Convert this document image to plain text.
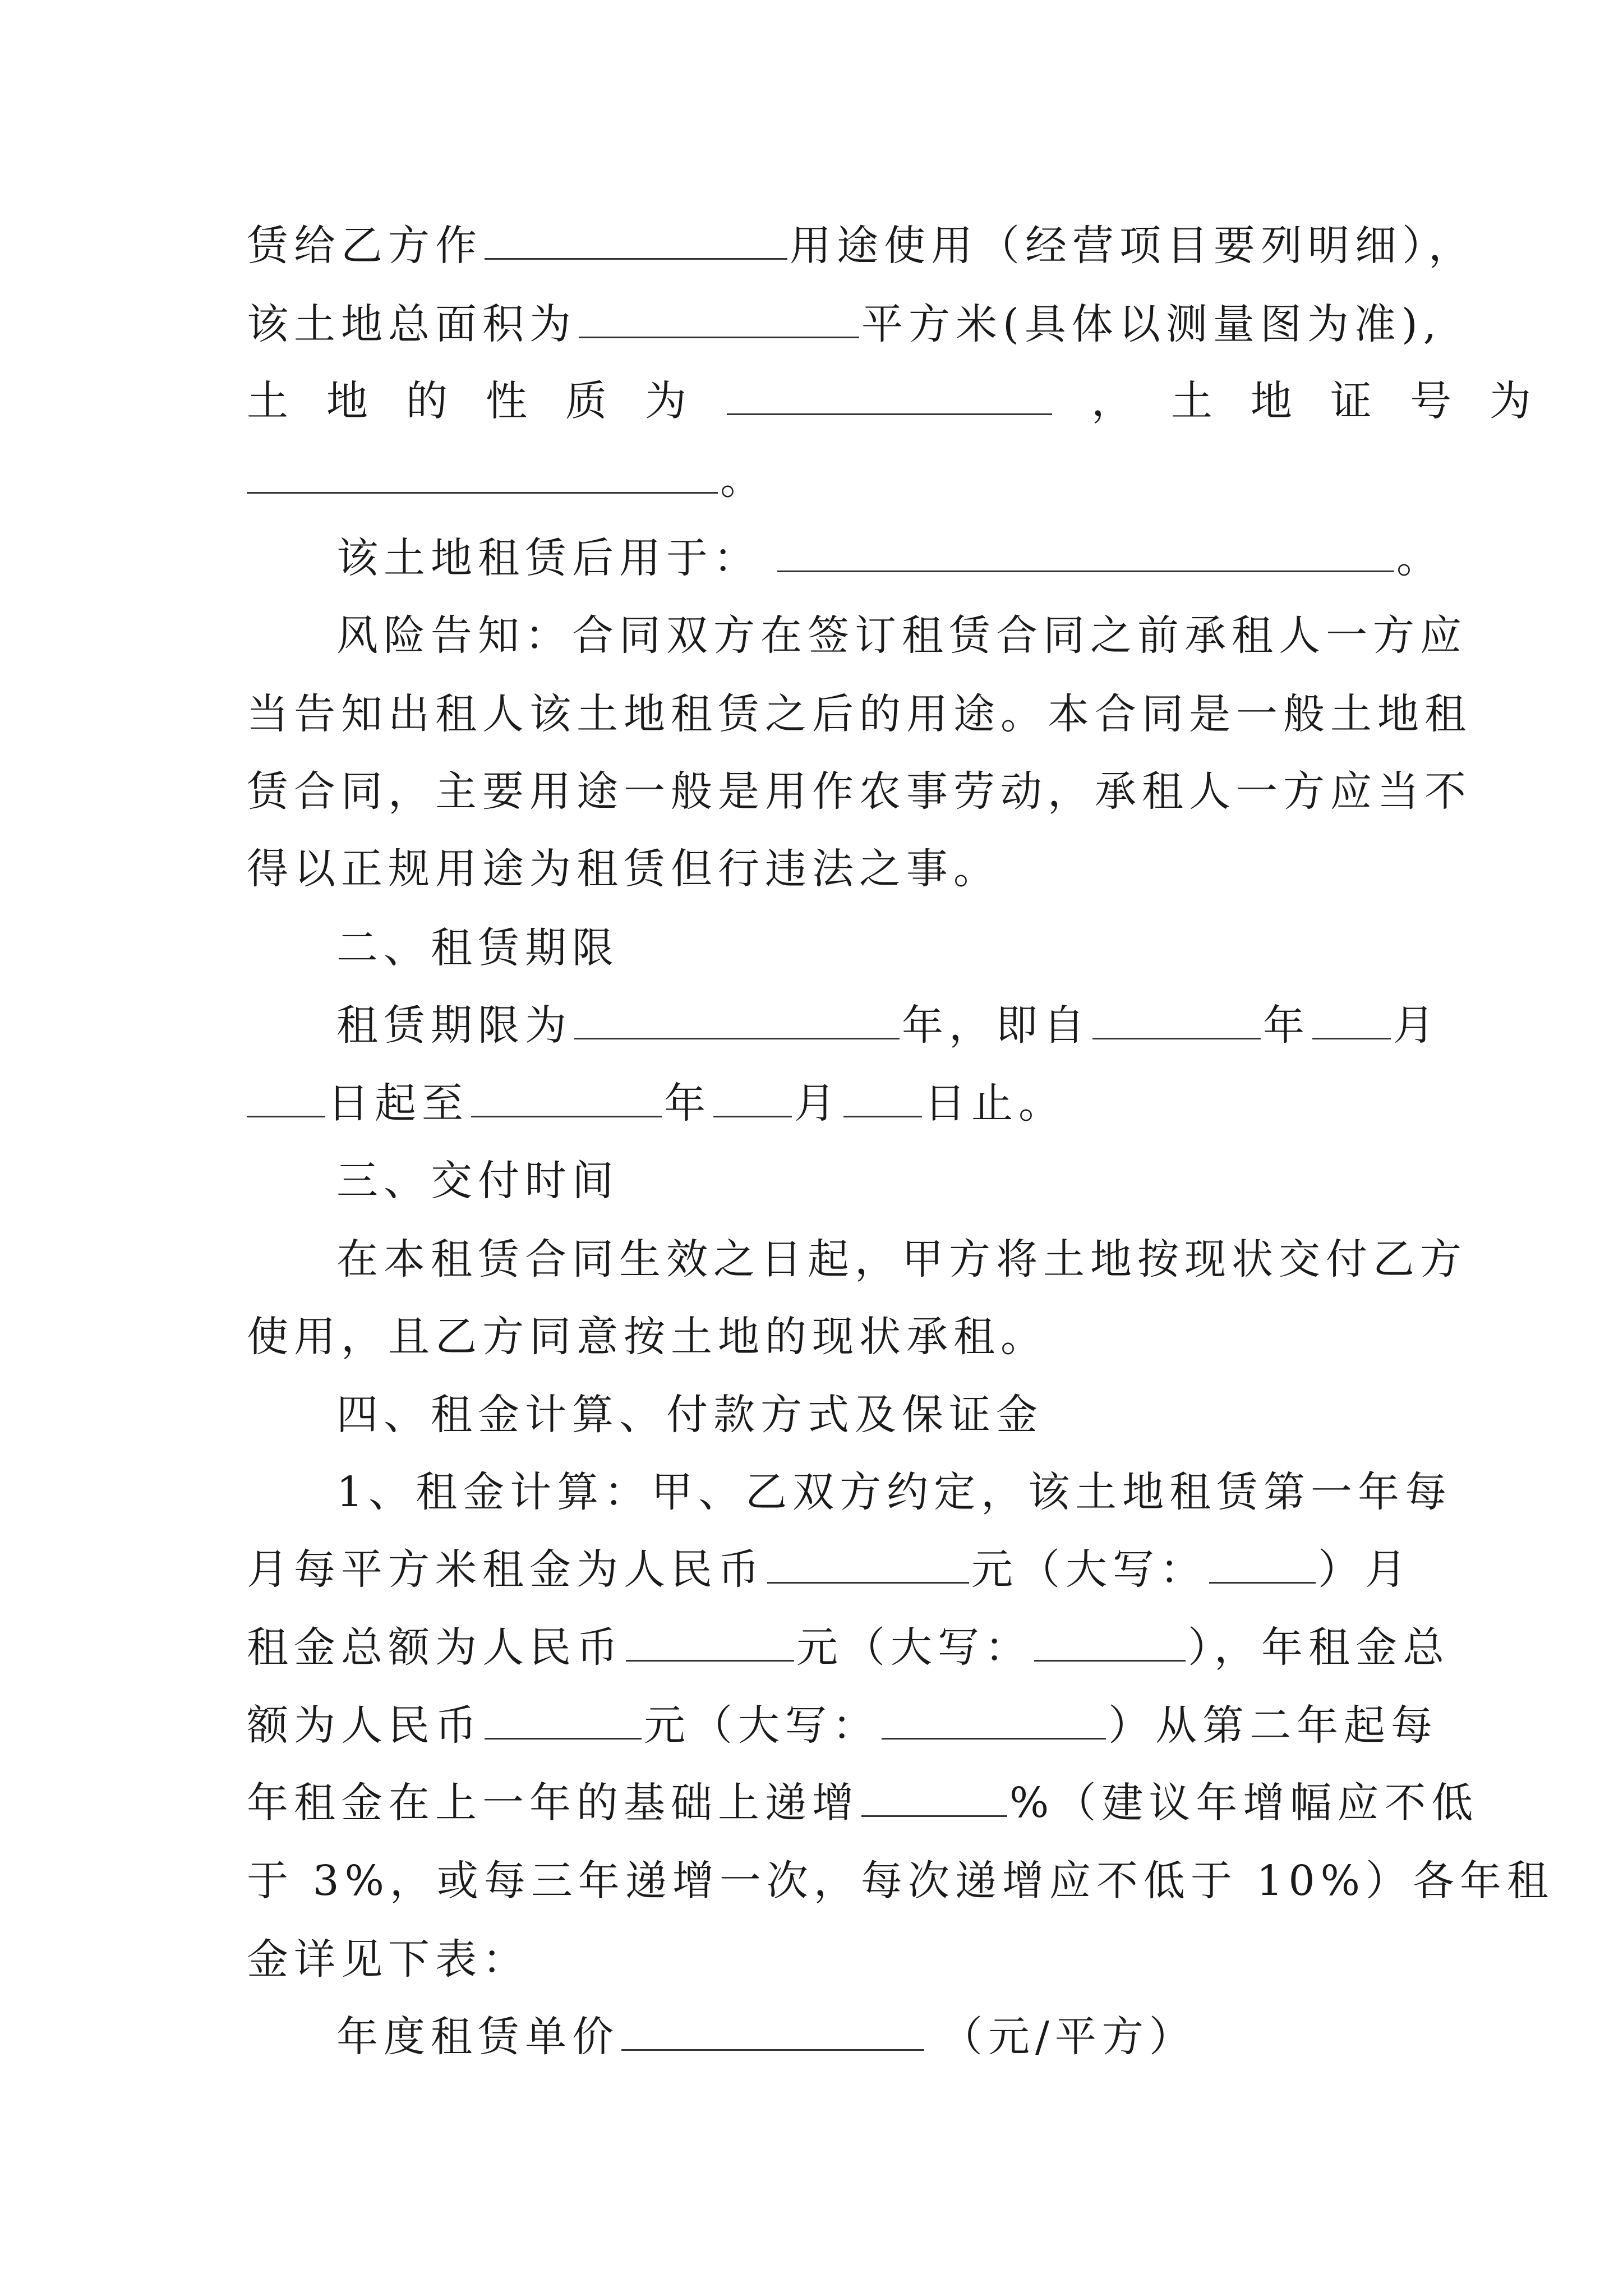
赁给乙方作	用途使用（经营项目要列明细），
该土地总面积为	平方米(具体以测量图为准),
土地的性质为	，土地证号为
。
该土地租赁后用于：	。
风险告知：合同双方在签订租赁合同之前承租人一方应
当告知出租人该土地租赁之后的用途。本合同是一般土地租
赁合同，主要用途一般是用作农事劳动，承租人一方应当不
得以正规用途为租赁但行违法之事。
二、租赁期限
租赁期限为	年，即自	年 月
日起至	年 月 日止。
三、交付时间
在本租赁合同生效之日起，甲方将土地按现状交付乙方
使用，且乙方同意按土地的现状承租。
四、租金计算、付款方式及保证金
1、租金计算：甲、乙双方约定，该土地租赁第一年每
月每平方米租金为人民币	元（大写：	）月
租金总额为人民币	元（大写：	），年租金总
额为人民币	元（大写：	）从第二年起每
年租金在上一年的基础上递增	%（建议年增幅应不低
于 3%，或每三年递增一次，每次递增应不低于 10%）各年租
金详见下表：
年度租赁单价	（元/平方）
